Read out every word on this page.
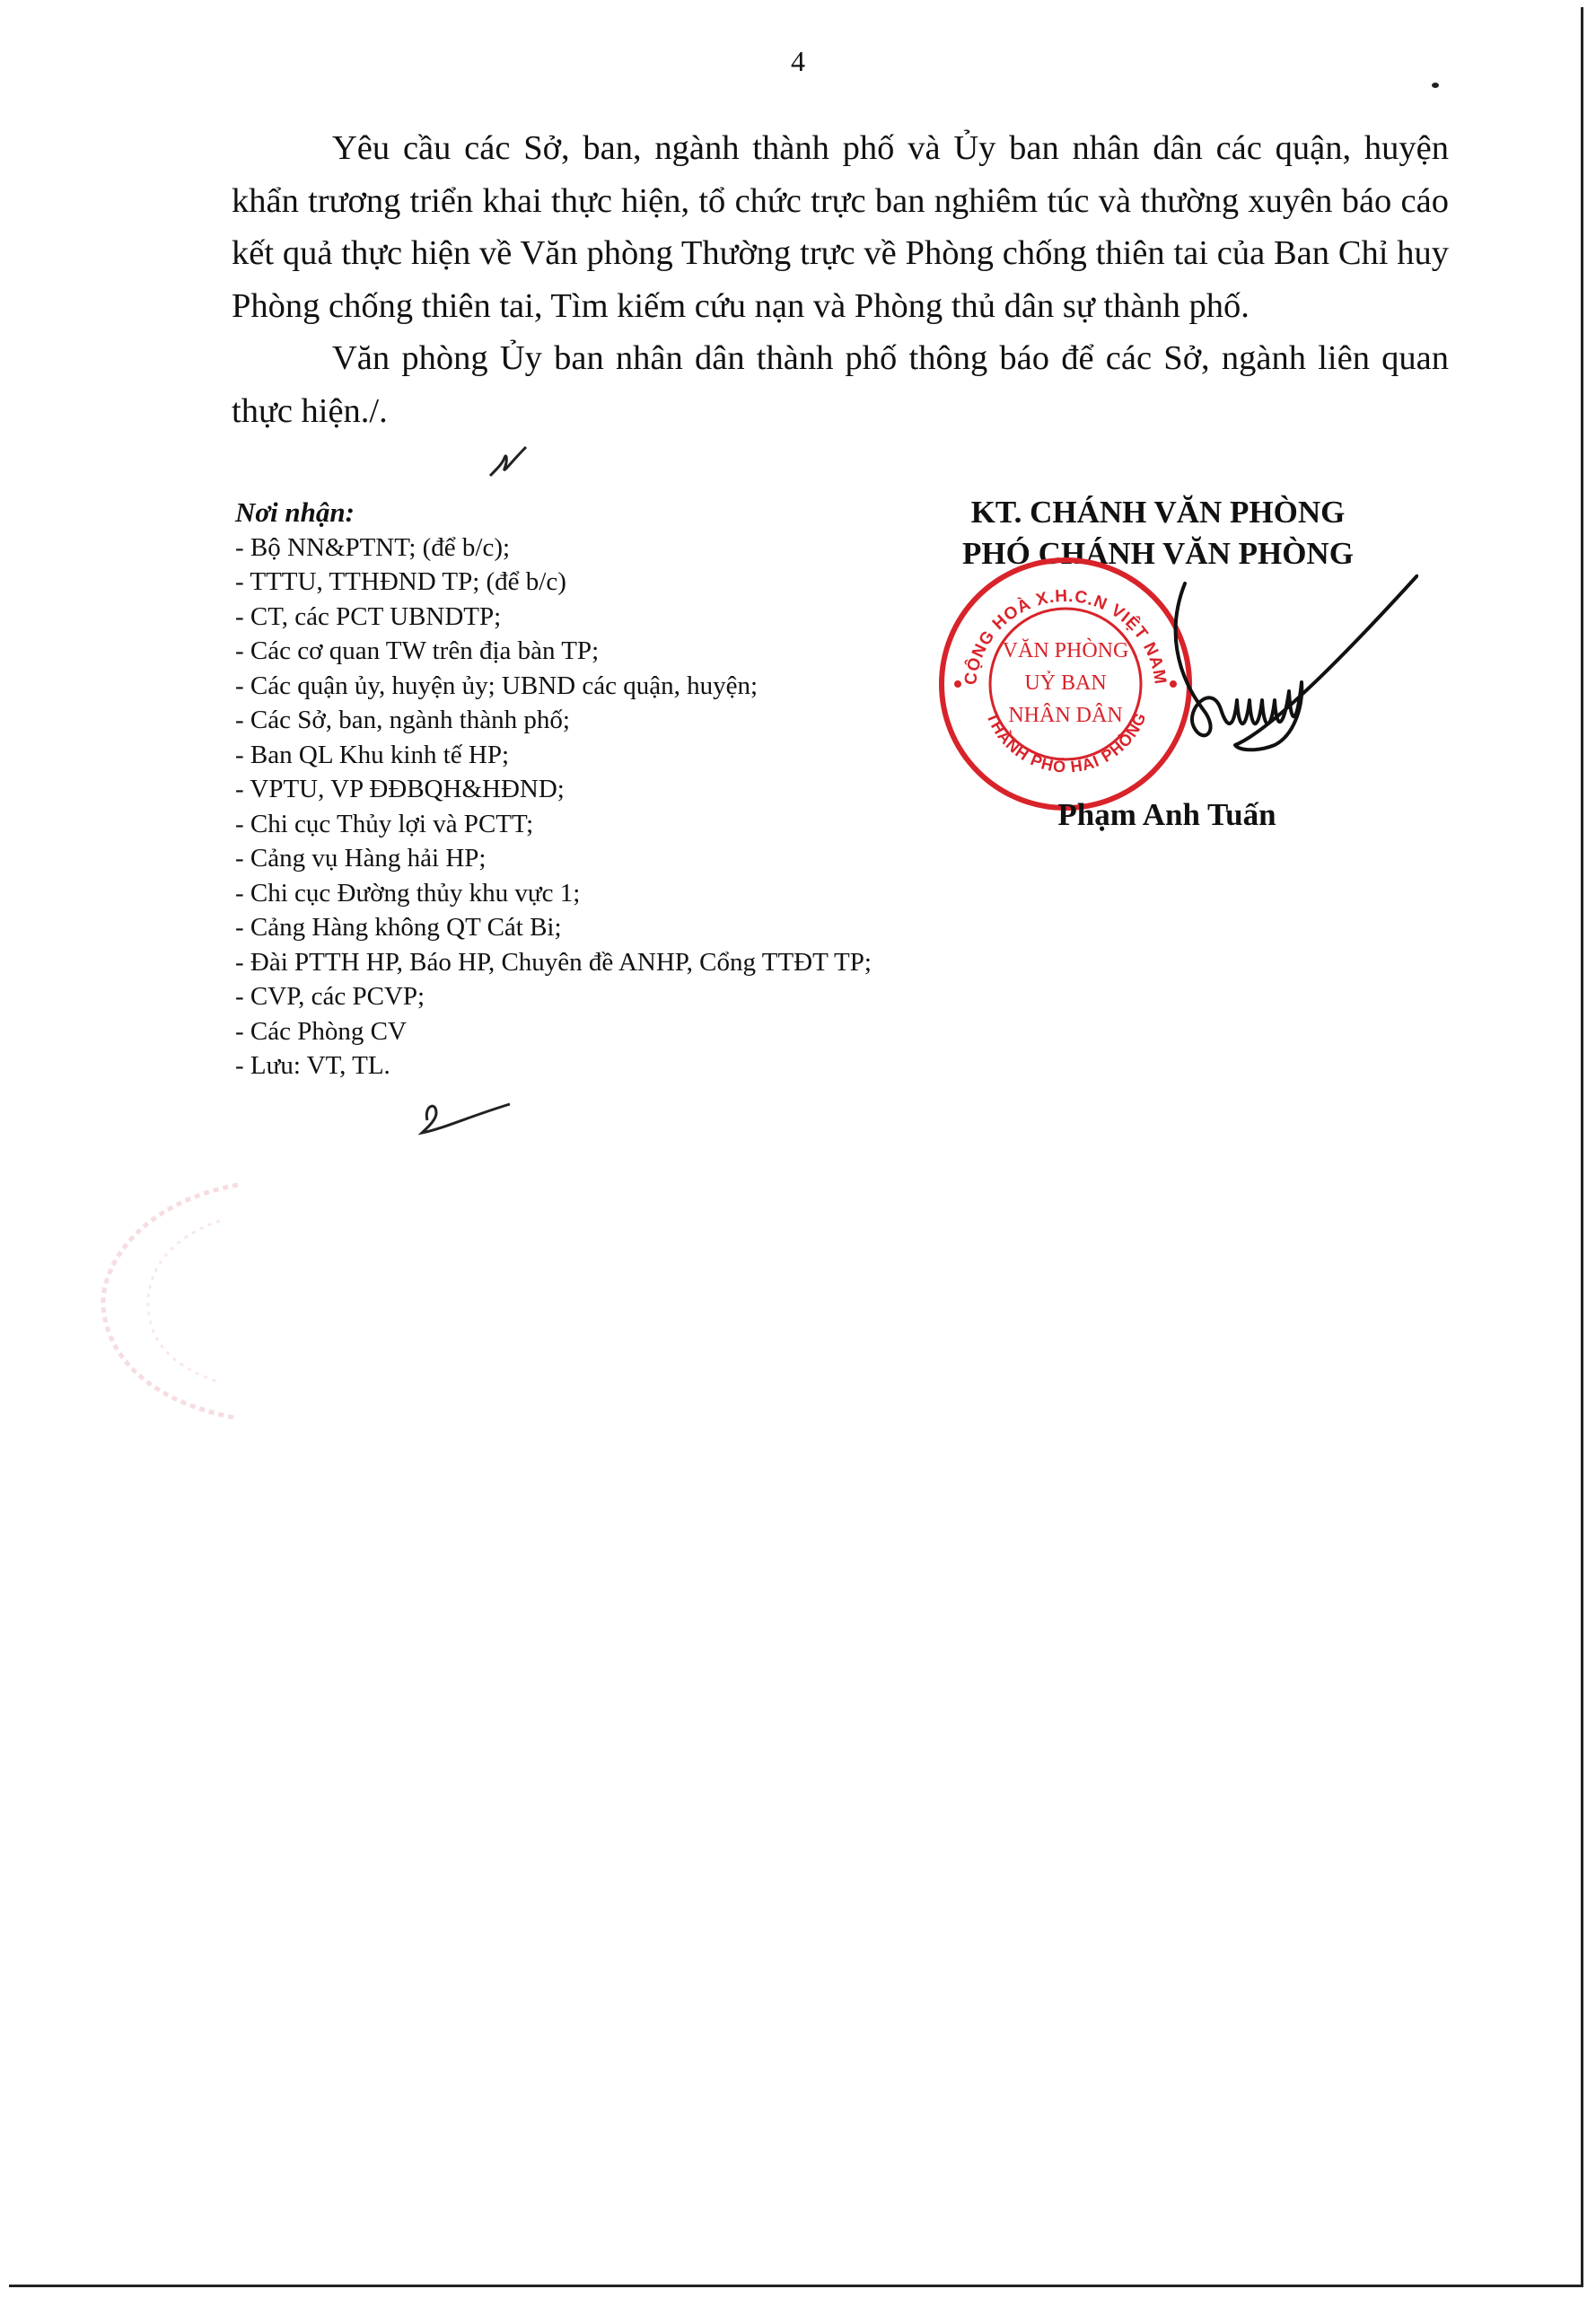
4

Yêu cầu các Sở, ban, ngành thành phố và Ủy ban nhân dân các quận, huyện khẩn trương triển khai thực hiện, tổ chức trực ban nghiêm túc và thường xuyên báo cáo kết quả thực hiện về Văn phòng Thường trực về Phòng chống thiên tai của Ban Chỉ huy Phòng chống thiên tai, Tìm kiếm cứu nạn và Phòng thủ dân sự thành phố.

Văn phòng Ủy ban nhân dân thành phố thông báo để các Sở, ngành liên quan thực hiện./.

Nơi nhận:
- Bộ NN&PTNT; (để b/c);
- TTTU, TTHĐND TP; (để b/c)
- CT, các PCT UBNDTP;
- Các cơ quan TW trên địa bàn TP;
- Các quận ủy, huyện ủy; UBND các quận, huyện;
- Các Sở, ban, ngành thành phố;
- Ban QL Khu kinh tế HP;
- VPTU, VP ĐĐBQH&HĐND;
- Chi cục Thủy lợi và PCTT;
- Cảng vụ Hàng hải HP;
- Chi cục Đường thủy khu vực 1;
- Cảng Hàng không QT Cát Bi;
- Đài PTTH HP, Báo HP, Chuyên đề ANHP, Cổng TTĐT TP;
- CVP, các PCVP;
- Các Phòng CV
- Lưu: VT, TL.
KT. CHÁNH VĂN PHÒNG
PHÓ CHÁNH VĂN PHÒNG
CỘNG HOÀ X.H.C.N VIỆT NAM
THÀNH PHỐ HẢI PHÒNG
VĂN PHÒNG
UỶ BAN
NHÂN DÂN
Phạm Anh Tuấn
